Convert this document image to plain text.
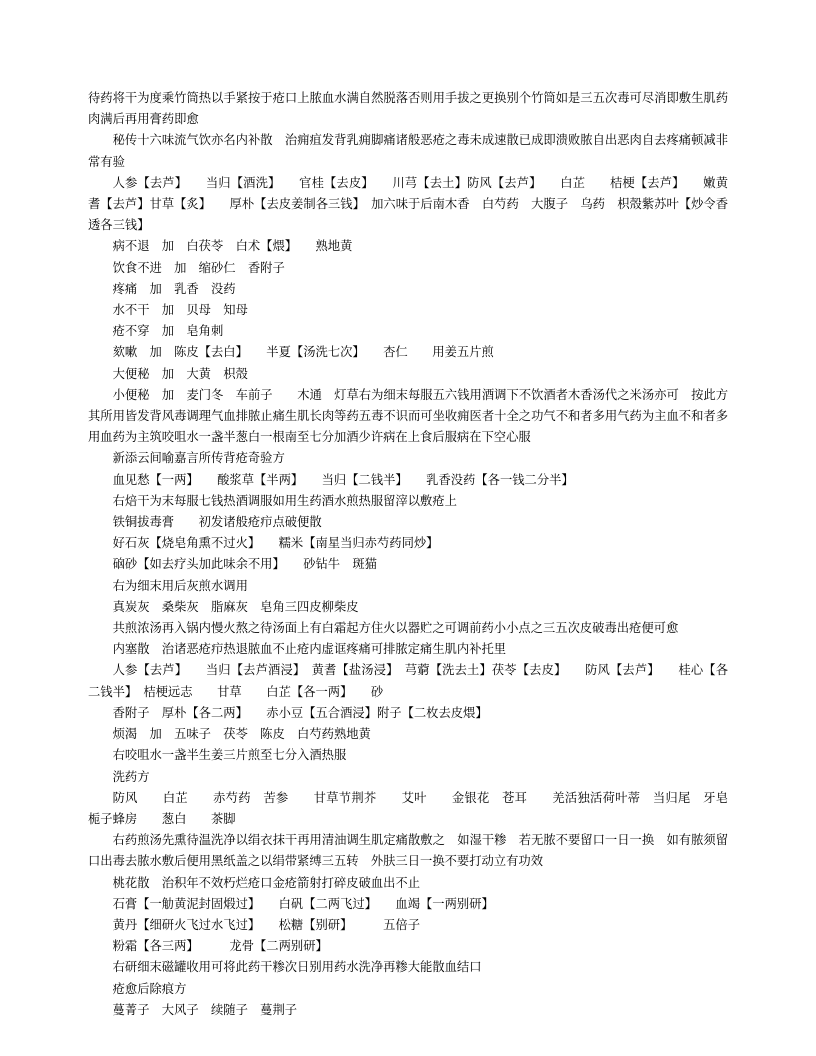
待药将干为度乘竹筒热以手紧按于疮口上脓血水满自然脱落否则用手拔之更换别个竹筒如是三五次毒可尽消即敷生肌药肉满后再用膏药即愈
秘传十六味流气饮亦名内补散　治痈疽发背乳痈脚痛诸般恶疮之毒未成速散已成即溃败脓自出恶肉自去疼痛顿减非常有验
人参【去芦】　　当归【酒洗】　　官桂【去皮】　　川芎【去土】防风【去芦】　　白芷　　桔梗【去芦】　　嫩黄耆【去芦】甘草【炙】　　厚朴【去皮姜制各三钱】　加六味于后南木香　白芍药　大腹子　乌药　枳殼紫苏叶【炒令香透各三钱】
病不退　加　白茯苓　白术【煨】　　熟地黄
饮食不进　加　缩砂仁　香附子
疼痛　加　乳香　没药
水不干　加　贝母　知母
疮不穿　加　皂角刺
欬嗽　加　陈皮【去白】　　半夏【汤洗七次】　　杏仁　　用姜五片煎
大便秘　加　大黄　枳殼
小便秘　加　麦门冬　车前子　　木通　灯草右为细末每服五六钱用酒调下不饮酒者木香汤代之米汤亦可　按此方其所用皆发背风毒调理气血排脓止痛生肌长肉等药五毒不识而可坐收痈医者十全之功气不和者多用气药为主血不和者多用血药为主筑咬咀水一盏半葱白一根南至七分加酒少许病在上食后服病在下空心服
新添云间喻嘉言所传背疮奇验方
血见愁【一两】　　酸浆草【半两】　　当归【二钱半】　　乳香没药【各一钱二分半】
右焙干为末每服七钱热酒调服如用生药酒水煎热服留滓以敷疮上
铁铜拔毒膏　　初发诸般疮疖点破便散
好石灰【烧皂角熏不过火】　　糯米【南星当归赤芍药同炒】
硇砂【如去疗头加此味余不用】　　砂钻牛　斑猫
右为细末用后灰煎水调用
真炭灰　桑柴灰　脂麻灰　皂角三四皮柳柴皮
共煎浓汤再入锅内慢火熬之待汤面上有白霜起方住火以器贮之可调前药小小点之三五次皮破毒出疮便可愈
内塞散　治诸恶疮疖热退脓血不止疮内虚诓疼痛可排脓定痛生肌内补托里
人参【去芦】　　当归【去芦酒浸】　黄耆【盐汤浸】　芎藭【洗去土】茯苓【去皮】　　防风【去芦】　　桂心【各二钱半】　桔梗远志　　甘草　　白芷【各一两】　　砂
香附子　厚朴【各二两】　　赤小豆【五合酒浸】附子【二枚去皮煨】
烦渴　加　五味子　茯苓　陈皮　白芍药熟地黄
右咬咀水一盏半生姜三片煎至七分入酒热服
洗药方
防风　　白芷　　赤芍药　苦参　　甘草节荆芥　　艾叶　　金银花　苍耳　　羌活独活荷叶蒂　当归尾　牙皂　　栀子蜂房　　葱白　　茶脚
右药煎汤先熏待温洗净以绢衣抹干再用清油调生肌定痛散敷之　如湿干糁　若无脓不要留口一日一换　如有脓须留口出毒去脓水敷后便用黑纸盖之以绢带紧缚三五转　外肤三日一换不要打动立有功效
桃花散　治积年不效朽烂疮口金疮箭射打碎皮破血出不止
石膏【一觔黄泥封固煅过】　　白矾【二两飞过】　　血竭【一两别研】
黄丹【细研火飞过水飞过】　　松糖【别研】　　　五倍子
粉霜【各三两】　　　龙骨【二两别研】
右研细末磁罐收用可将此药干糁次日别用药水洗净再糁大能散血结口
疮愈后除痕方
蔓菁子　大风子　续随子　蔓荆子
